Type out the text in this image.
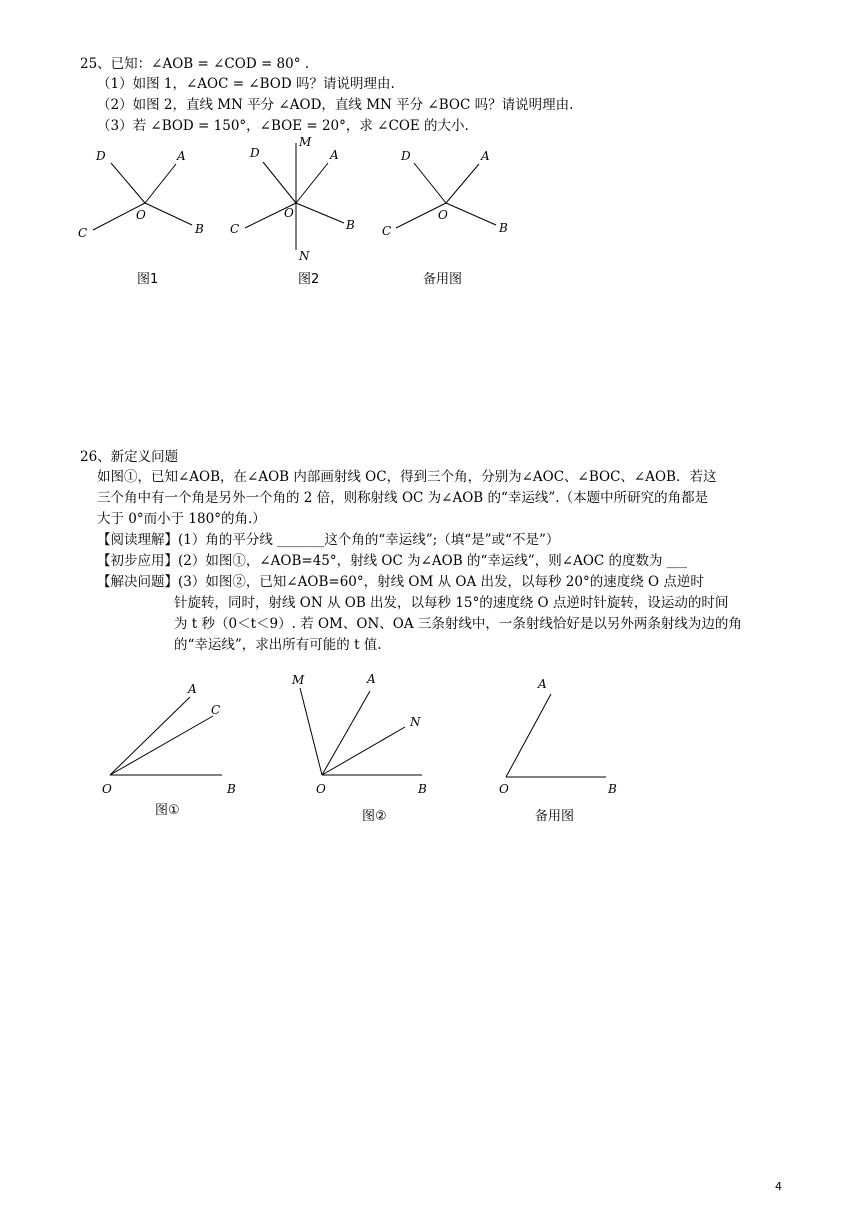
25、已知：∠AOB = ∠COD = 80° .
（1）如图 1，∠AOC = ∠BOD 吗？请说明理由.
（2）如图 2，直线 MN 平分 ∠AOD，直线 MN 平分 ∠BOC 吗？请说明理由.
（3）若 ∠BOD = 150°，∠BOE = 20°，求 ∠COE 的大小.
D	A
O
C	B
M
D	A
O
C	B
N
D	A
O
C	B
图1	图2	备用图
26、新定义问题
如图①，已知∠AOB，在∠AOB 内部画射线 OC，得到三个角，分别为∠AOC、∠BOC、∠AOB．若这
三个角中有一个角是另外一个角的 2 倍，则称射线 OC 为∠AOB 的“幸运线”.（本题中所研究的角都是
大于 0°而小于 180°的角.）
【阅读理解】(1）角的平分线 _______这个角的“幸运线”;（填“是”或“不是”）
【初步应用】(2）如图①，∠AOB=45°，射线 OC 为∠AOB 的“幸运线”，则∠AOC 的度数为 ___
【解决问题】(3）如图②，已知∠AOB=60°，射线 OM 从 OA 出发，以每秒 20°的速度绕 O 点逆时
针旋转，同时，射线 ON 从 OB 出发，以每秒 15°的速度绕 O 点逆时针旋转，设运动的时间
为 t 秒（0＜t＜9）. 若 OM、ON、OA 三条射线中，一条射线恰好是以另外两条射线为边的角
的“幸运线”，求出所有可能的 t 值.
A
C
O	B
M	A
N
O	B
A
O	B
图①	图②	备用图
4
